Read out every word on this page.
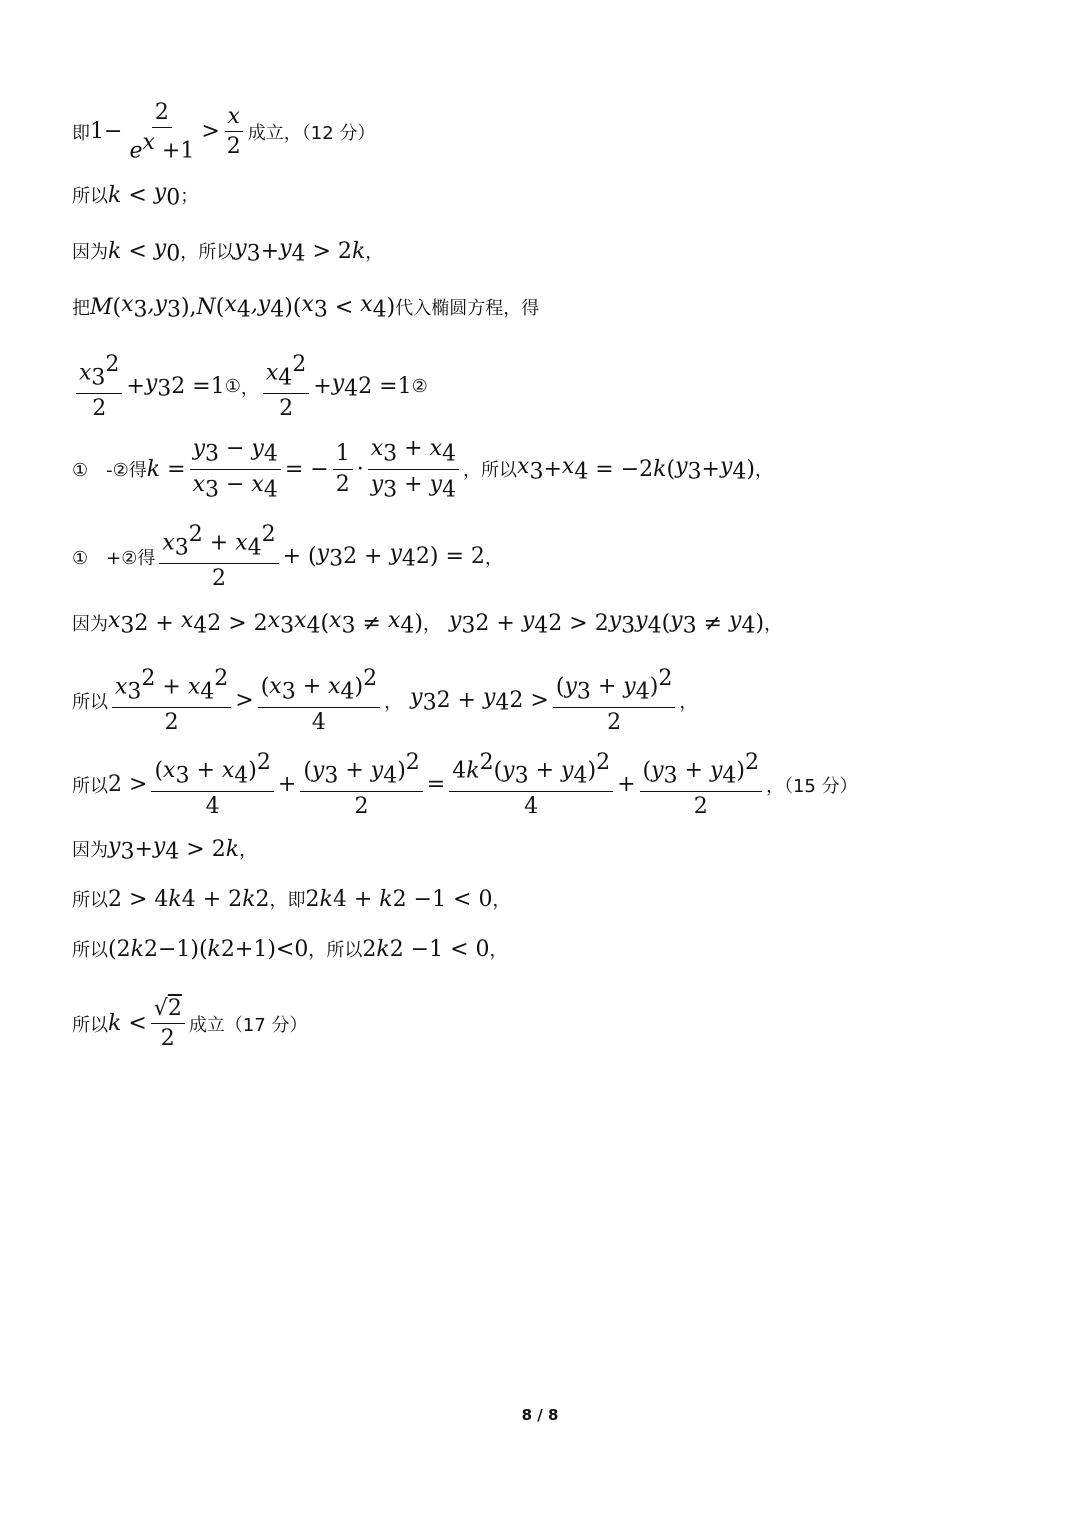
即 $1- \frac{2}{e^x +1} > \frac{x}{2}$ 成立，（12 分）
所以 $k < y_0$ ；
因为 $k < y_0$ ，所以 $y_3 + y_4 > 2$ k ，
把 M ( $x_3,y_3$ ), N ( $x_4,y_4$ )( $x_3 < x_4$ ) 代入椭圆方程，得
$\frac{x_3^2}{2} + y_3$ 2 =1 ① ， $\frac{x_4^2}{2} + y_4$ 2 =1 ②
①　-②得 $k = \frac{y_3 - y_4}{x_3 - x_4}$ = − $\frac{1}{2} \cdot \frac{x_3 + x_4}{y_3 + y_4}$ ，所以 $x_3 + x_4 = -2$ k ( $y_3 + y_4$ ) ，
①　+②得 $\frac{x_3^2 + x_4^2}{2}$ + ( $y_3$ $2 + y_4$ 2 ) = 2 ，
因为 $x_3$ $2 + x_4$ 2 > 2 $x_3x_4$ ( $x_3 \ne x_4$ ) ， $y_3$ $2 + y_4$ 2 > 2 $y_3y_4$ ( $y_3 \ne y_4$ ) ，
所以 $\frac{x_3^2 + x_4^2}{2} > \frac{(x_3 + x_4)^2}{4}$ ， $y_3$ $2 + y_4$ $2 > \frac{(y_3 + y_4)^2}{2}$ ，
所以 $2 > \frac{(x_3 + x_4)^2}{4} + \frac{(y_3 + y_4)^2}{2} = \frac{4k^2(y_3 + y_4)^2}{4} + \frac{(y_3 + y_4)^2}{2}$ ，（15 分）
因为 $y_3 + y_4 > 2$ k ，
所以 2 > 4 k 4 + 2 k 2 ，即 2 k 4 + k 2 −1 < 0 ，
所以 (2 k 2 −1)( k 2 +1)<0 ，所以 2 k 2 −1 < 0 ，
所以 $k < \frac{√2}{2}$ 成立（17 分）
8 / 8
